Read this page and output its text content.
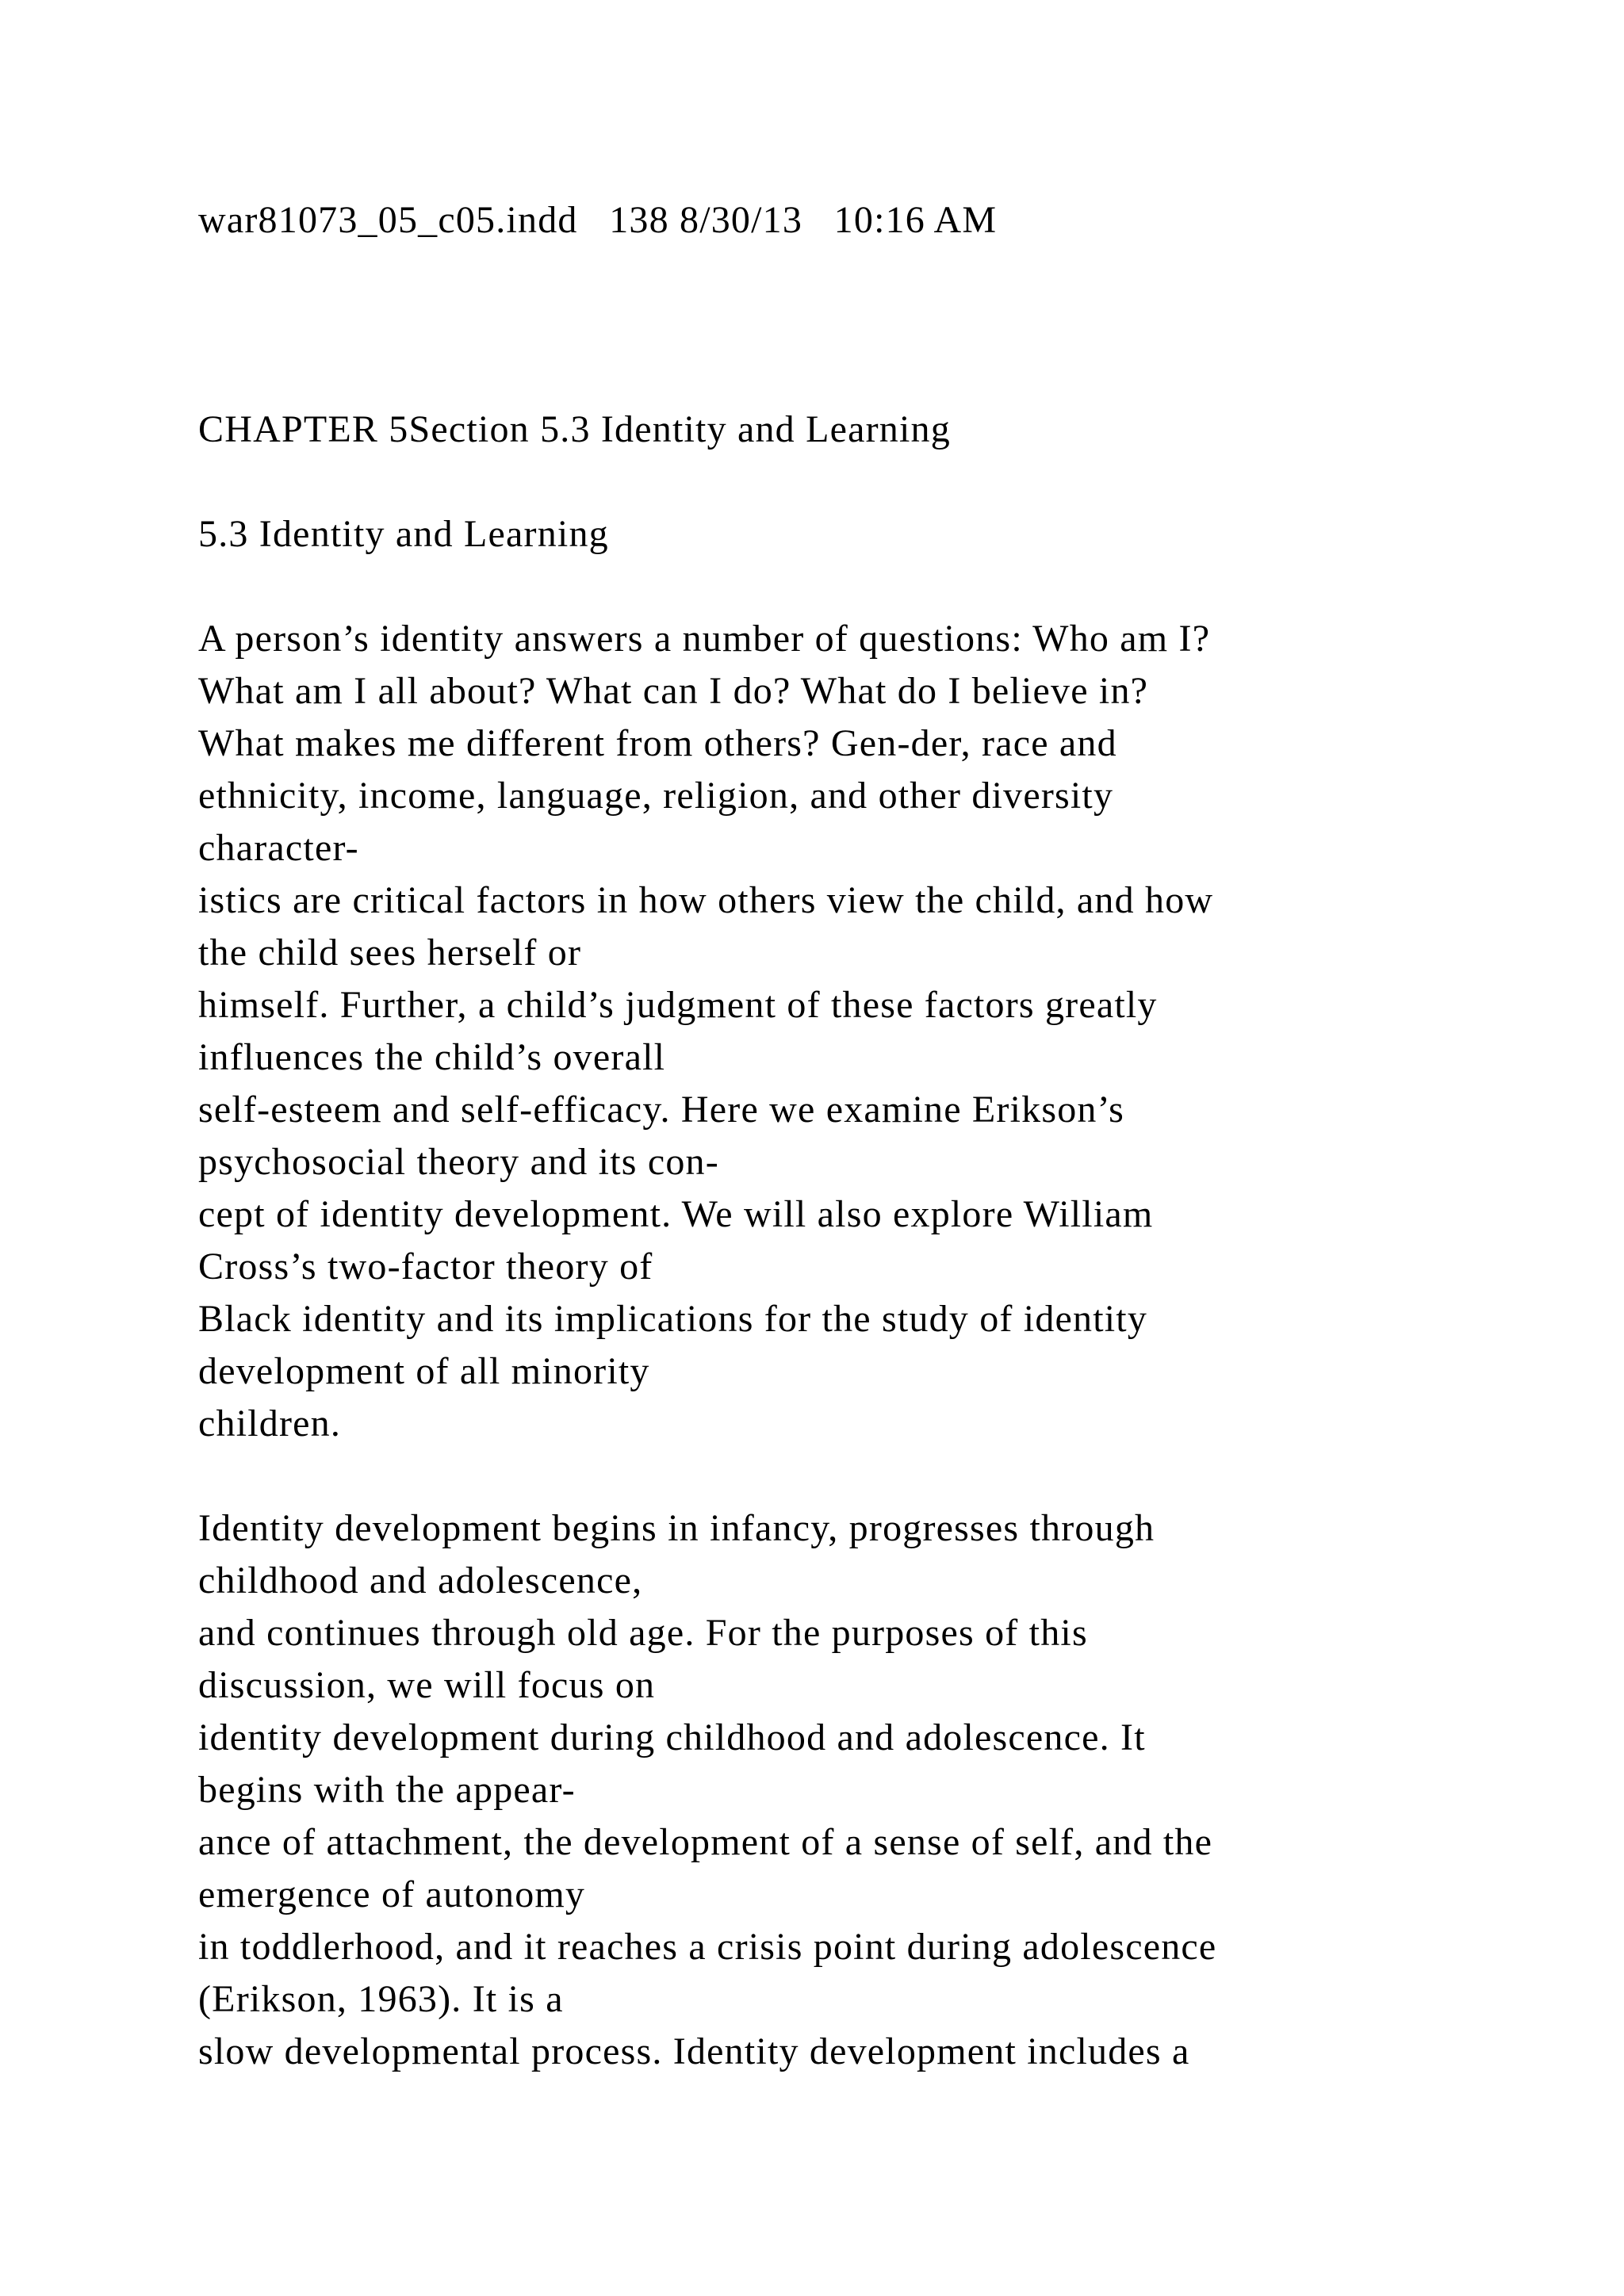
war81073_05_c05.indd   138 8/30/13   10:16 AM

CHAPTER 5Section 5.3 Identity and Learning

5.3 Identity and Learning

A person’s identity answers a number of questions: Who am I?

What am I all about? What can I do? What do I believe in?

What makes me different from others? Gen-der, race and

ethnicity, income, language, religion, and other diversity

character-

istics are critical factors in how others view the child, and how

the child sees herself or

himself. Further, a child’s judgment of these factors greatly

influences the child’s overall

self-esteem and self-efficacy. Here we examine Erikson’s

psychosocial theory and its con-

cept of identity development. We will also explore William

Cross’s two-factor theory of

Black identity and its implications for the study of identity

development of all minority

children.

Identity development begins in infancy, progresses through

childhood and adolescence,

and continues through old age. For the purposes of this

discussion, we will focus on

identity development during childhood and adolescence. It

begins with the appear-

ance of attachment, the development of a sense of self, and the

emergence of autonomy

in toddlerhood, and it reaches a crisis point during adolescence

(Erikson, 1963). It is a

slow developmental process. Identity development includes a
